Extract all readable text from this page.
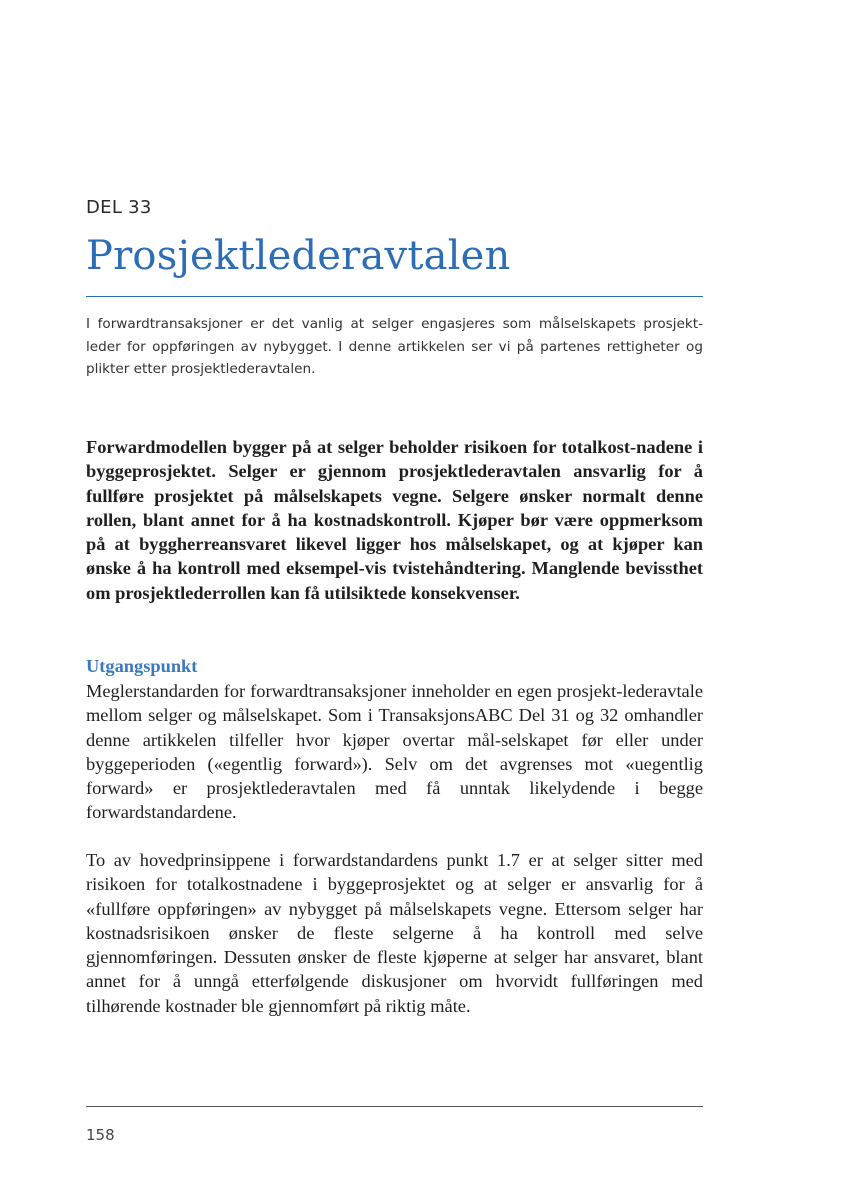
DEL 33
Prosjektlederavtalen

I forwardtransaksjoner er det vanlig at selger engasjeres som målselskapets prosjekt-leder for oppføringen av nybygget. I denne artikkelen ser vi på partenes rettigheter og plikter etter prosjektlederavtalen.

Forwardmodellen bygger på at selger beholder risikoen for totalkost-nadene i byggeprosjektet. Selger er gjennom prosjektlederavtalen ansvarlig for å fullføre prosjektet på målselskapets vegne. Selgere ønsker normalt denne rollen, blant annet for å ha kostnadskontroll. Kjøper bør være oppmerksom på at byggherreansvaret likevel ligger hos målselskapet, og at kjøper kan ønske å ha kontroll med eksempel-vis tvistehåndtering. Manglende bevissthet om prosjektlederrollen kan få utilsiktede konsekvenser.

Utgangspunkt

Meglerstandarden for forwardtransaksjoner inneholder en egen prosjekt-lederavtale mellom selger og målselskapet. Som i TransaksjonsABC Del 31 og 32 omhandler denne artikkelen tilfeller hvor kjøper overtar mål-selskapet før eller under byggeperioden («egentlig forward»). Selv om det avgrenses mot «uegentlig forward» er prosjektlederavtalen med få unntak likelydende i begge forwardstandardene.

To av hovedprinsippene i forwardstandardens punkt 1.7 er at selger sitter med risikoen for totalkostnadene i byggeprosjektet og at selger er ansvarlig for å «fullføre oppføringen» av nybygget på målselskapets vegne. Ettersom selger har kostnadsrisikoen ønsker de fleste selgerne å ha kontroll med selve gjennomføringen. Dessuten ønsker de fleste kjøperne at selger har ansvaret, blant annet for å unngå etterfølgende diskusjoner om hvorvidt fullføringen med tilhørende kostnader ble gjennomført på riktig måte.

158
